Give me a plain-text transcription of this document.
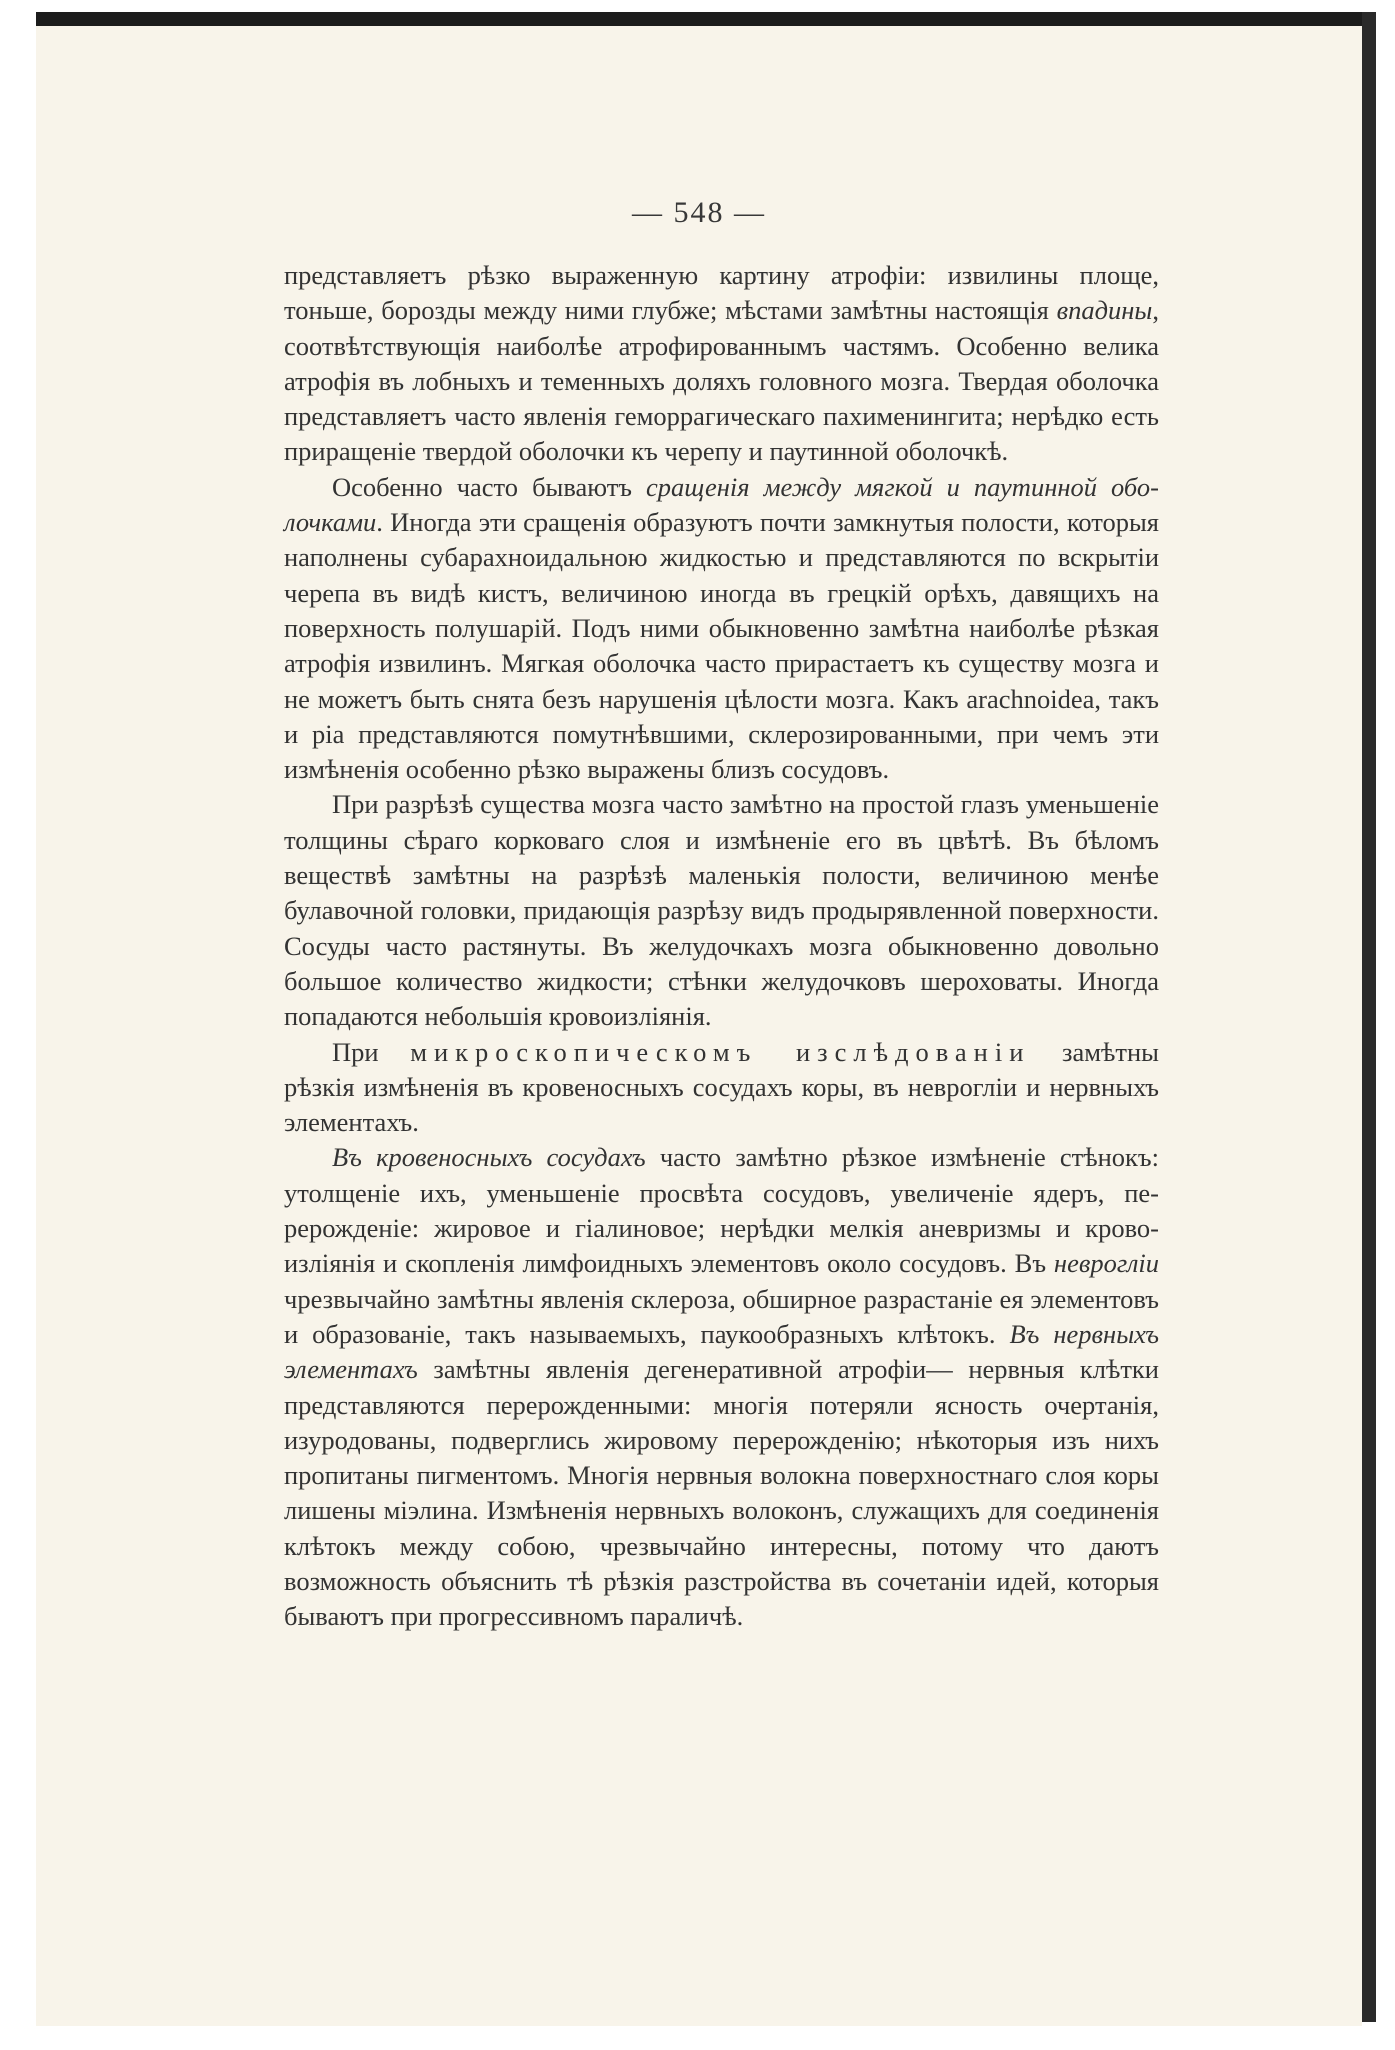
— 548 —

представляетъ рѣзко выраженную картину атрофіи: извилины площе, тоньше, борозды между ними глубже; мѣстами замѣтны настоящія впадины, соотвѣтствующія наиболѣе атрофированнымъ частямъ. Особенно велика атрофія въ лобныхъ и теменныхъ доляхъ головного мозга. Твердая оболочка представляетъ часто явленія геморрагическаго пахименингита; нерѣдко есть приращеніе твердой оболочки къ черепу и паутинной оболочкѣ.

Особенно часто бываютъ сращенія между мягкой и паутинной оболочками. Иногда эти сращенія образуютъ почти замкнутыя полости, которыя наполнены субарахноидальною жидкостью и представляются по вскрытіи черепа въ видѣ кистъ, величиною иногда въ грецкій орѣхъ, давящихъ на поверхность полушарій. Подъ ними обыкновенно замѣтна наиболѣе рѣзкая атрофія извилинъ. Мягкая оболочка часто прирастаетъ къ существу мозга и не можетъ быть снята безъ нарушенія цѣлости мозга. Какъ arachnoidea, такъ и pia представляются помутнѣвшими, склерозированными, при чемъ эти измѣненія особенно рѣзко выражены близъ сосудовъ.

При разрѣзѣ существа мозга часто замѣтно на простой глазъ уменьшеніе толщины сѣраго корковаго слоя и измѣненіе его въ цвѣтѣ. Въ бѣломъ веществѣ замѣтны на разрѣзѣ маленькія полости, величиною менѣе булавочной головки, придающія разрѣзу видъ продырявленной поверхности. Сосуды часто растянуты. Въ желудочкахъ мозга обыкновенно довольно большое количество жидкости; стѣнки желудочковъ шероховаты. Иногда попадаются небольшія кровоизліянія.

При микроскопическомъ изслѣдованіи замѣтны рѣзкія измѣненія въ кровеносныхъ сосудахъ коры, въ неврогліи и нервныхъ элементахъ.

Въ кровеносныхъ сосудахъ часто замѣтно рѣзкое измѣненіе стѣнокъ: утолщеніе ихъ, уменьшеніе просвѣта сосудовъ, увеличеніе ядеръ, перерожденіе: жировое и гіалиновое; нерѣдки мелкія аневризмы и кровоизліянія и скопленія лимфоидныхъ элементовъ около сосудовъ. Въ неврогліи чрезвычайно замѣтны явленія склероза, обширное разрастаніе ея элементовъ и образованіе, такъ называемыхъ, паукообразныхъ клѣтокъ. Въ нервныхъ элементахъ замѣтны явленія дегенеративной атрофіи— нервныя клѣтки представляются перерожденными: многія потеряли ясность очертанія, изуродованы, подверглись жировому перерожденію; нѣкоторыя изъ нихъ пропитаны пигментомъ. Многія нервныя волокна поверхностнаго слоя коры лишены міэлина. Измѣненія нервныхъ волоконъ, служащихъ для соединенія клѣтокъ между собою, чрезвычайно интересны, потому что даютъ возможность объяснить тѣ рѣзкія разстройства въ сочетаніи идей, которыя бываютъ при прогрессивномъ параличѣ.
